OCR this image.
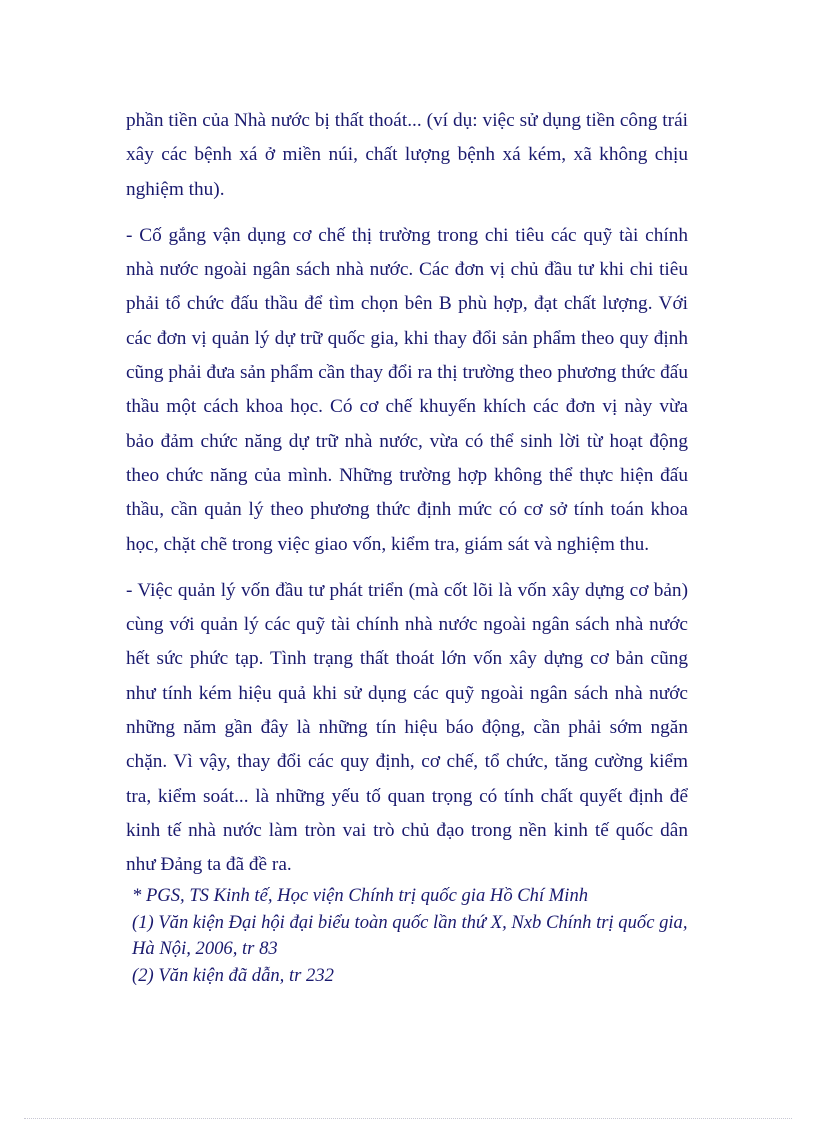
phần tiền của Nhà nước bị thất thoát... (ví dụ: việc sử dụng tiền công trái xây các bệnh xá ở miền núi, chất lượng bệnh xá kém, xã không chịu nghiệm thu).

- Cố gắng vận dụng cơ chế thị trường trong chi tiêu các quỹ tài chính nhà nước ngoài ngân sách nhà nước. Các đơn vị chủ đầu tư khi chi tiêu phải tổ chức đấu thầu để tìm chọn bên B phù hợp, đạt chất lượng. Với các đơn vị quản lý dự trữ quốc gia, khi thay đổi sản phẩm theo quy định cũng phải đưa sản phẩm cần thay đổi ra thị trường theo phương thức đấu thầu một cách khoa học. Có cơ chế khuyến khích các đơn vị này vừa bảo đảm chức năng dự trữ nhà nước, vừa có thể sinh lời từ hoạt động theo chức năng của mình. Những trường hợp không thể thực hiện đấu thầu, cần quản lý theo phương thức định mức có cơ sở tính toán khoa học, chặt chẽ trong việc giao vốn, kiểm tra, giám sát và nghiệm thu.

- Việc quản lý vốn đầu tư phát triển (mà cốt lõi là vốn xây dựng cơ bản) cùng với quản lý các quỹ tài chính nhà nước ngoài ngân sách nhà nước hết sức phức tạp. Tình trạng thất thoát lớn vốn xây dựng cơ bản cũng như tính kém hiệu quả khi sử dụng các quỹ ngoài ngân sách nhà nước những năm gần đây là những tín hiệu báo động, cần phải sớm ngăn chặn. Vì vậy, thay đổi các quy định, cơ chế, tổ chức, tăng cường kiểm tra, kiểm soát... là những yếu tố quan trọng có tính chất quyết định để kinh tế nhà nước làm tròn vai trò chủ đạo trong nền kinh tế quốc dân như Đảng ta đã đề ra.

* PGS, TS Kinh tế, Học viện Chính trị quốc gia Hồ Chí Minh

(1) Văn kiện Đại hội đại biểu toàn quốc lần thứ X, Nxb Chính trị quốc gia, Hà Nội, 2006, tr 83

(2) Văn kiện đã dẫn, tr 232
